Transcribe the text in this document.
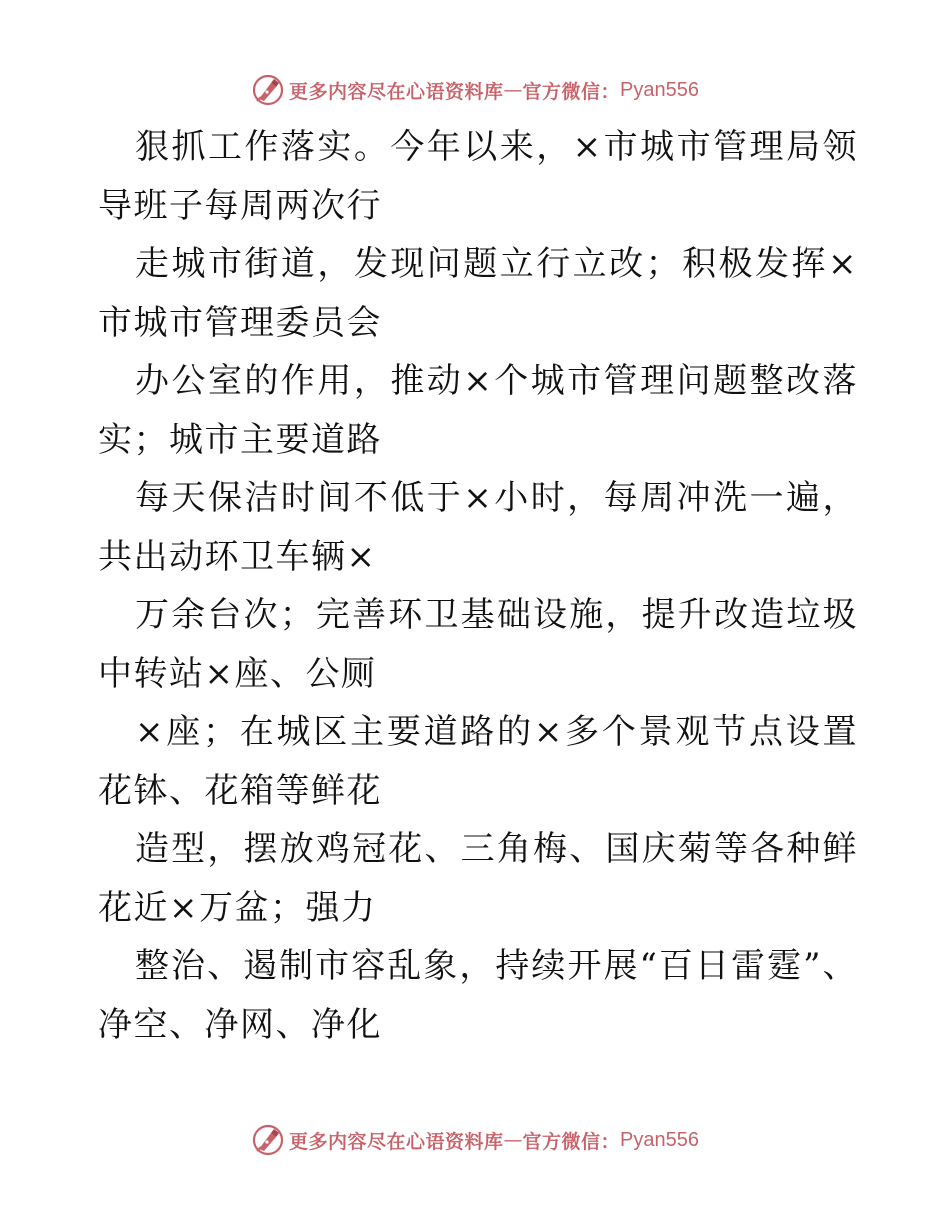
更多内容尽在心语资料库 — 官方微信： Pyan556

狠抓工作落实。今年以来，×市城市管理局领导班子每周两次行

走城市街道，发现问题立行立改；积极发挥×市城市管理委员会

办公室的作用，推动×个城市管理问题整改落实；城市主要道路

每天保洁时间不低于×小时，每周冲洗一遍，共出动环卫车辆×

万余台次；完善环卫基础设施，提升改造垃圾中转站×座、公厕

×座；在城区主要道路的×多个景观节点设置花钵、花箱等鲜花

造型，摆放鸡冠花、三角梅、国庆菊等各种鲜花近×万盆；强力

整治、遏制市容乱象，持续开展“百日雷霆”、净空、净网、净化

更多内容尽在心语资料库 — 官方微信： Pyan556
